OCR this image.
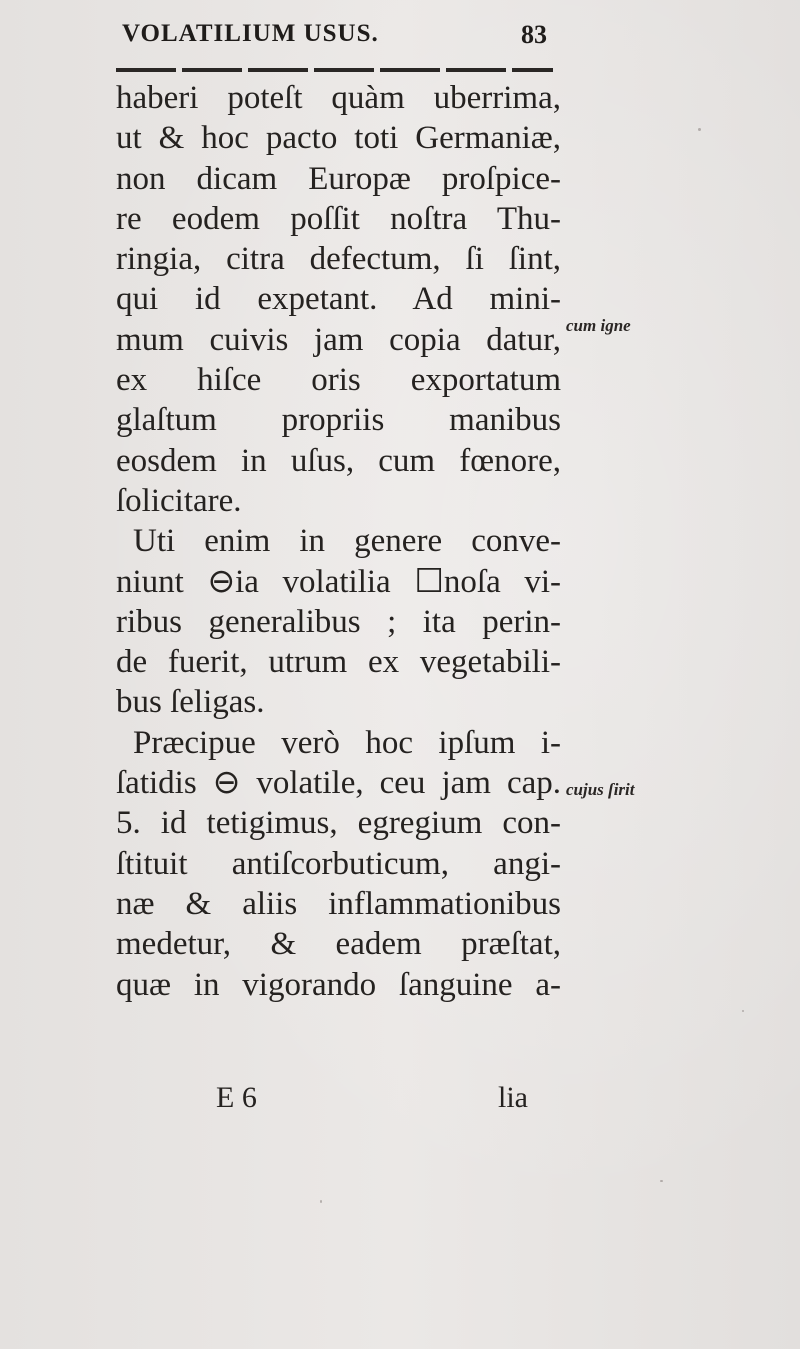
VOLATILIUM USUS.	83
haberi poteſt quàm uberrima,
ut & hoc pacto toti Germaniæ,
non dicam Europæ proſpice-
re eodem poſſit noſtra Thu-
ringia, citra defectum, ſi ſint,
qui id expetant. Ad mini-
mum cuivis jam copia datur,
ex hiſce oris exportatum
glaſtum propriis manibus
eosdem in uſus, cum fœnore,
ſolicitare.
Uti enim in genere conve-
niunt ⊖ia volatilia ☐noſa vi-
ribus generalibus ; ita perin-
de fuerit, utrum ex vegetabili-
bus ſeligas.
Præcipue verò hoc ipſum i-
ſatidis ⊖ volatile, ceu jam cap.
5. id tetigimus, egregium con-
ſtituit antiſcorbuticum, angi-
næ & aliis inflammationibus
medetur, & eadem præſtat,
quæ in vigorando ſanguine a-
cum igne
cujus ſirit
E 6	lia
